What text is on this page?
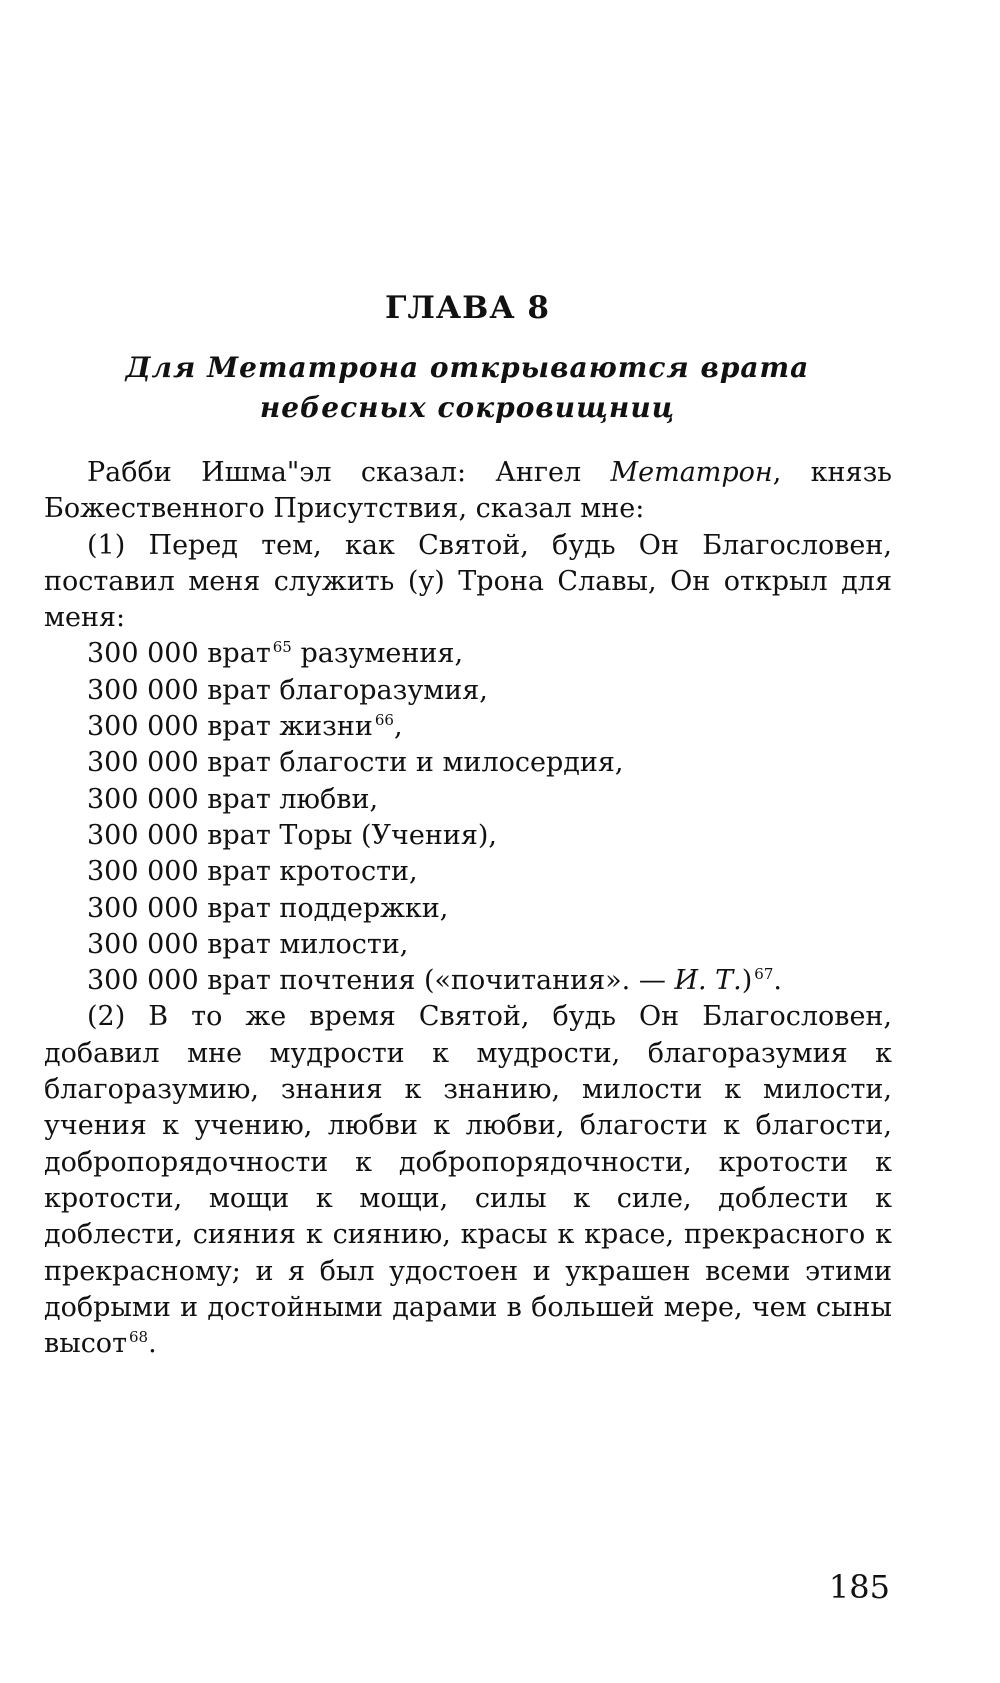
ГЛАВА 8
Для Метатрона открываются врата
небесных сокровищниц

Рабби Ишма"эл сказал: Ангел Метатрон, князь Божественного Присутствия, сказал мне:

(1) Перед тем, как Святой, будь Он Благословен, поставил меня служить (у) Трона Славы, Он открыл для меня:

300 000 врат $^{65}$ разумения,
300 000 врат благоразумия,
300 000 врат жизни $^{66}$,
300 000 врат благости и милосердия,
300 000 врат любви,
300 000 врат Торы (Учения),
300 000 врат кротости,
300 000 врат поддержки,
300 000 врат милости,
300 000 врат почтения («почитания». — И. Т.) $^{67}$.

(2) В то же время Святой, будь Он Благословен, добавил мне мудрости к мудрости, благоразумия к благоразумию, знания к знанию, милости к милости, учения к учению, любви к любви, благости к благости, добропорядочности к добропорядочности, кротости к кротости, мощи к мощи, силы к силе, доблести к доблести, сияния к сиянию, красы к красе, прекрасного к прекрасному; и я был удостоен и украшен всеми этими добрыми и достойными дарами в большей мере, чем сыны высот $^{68}$.

185
